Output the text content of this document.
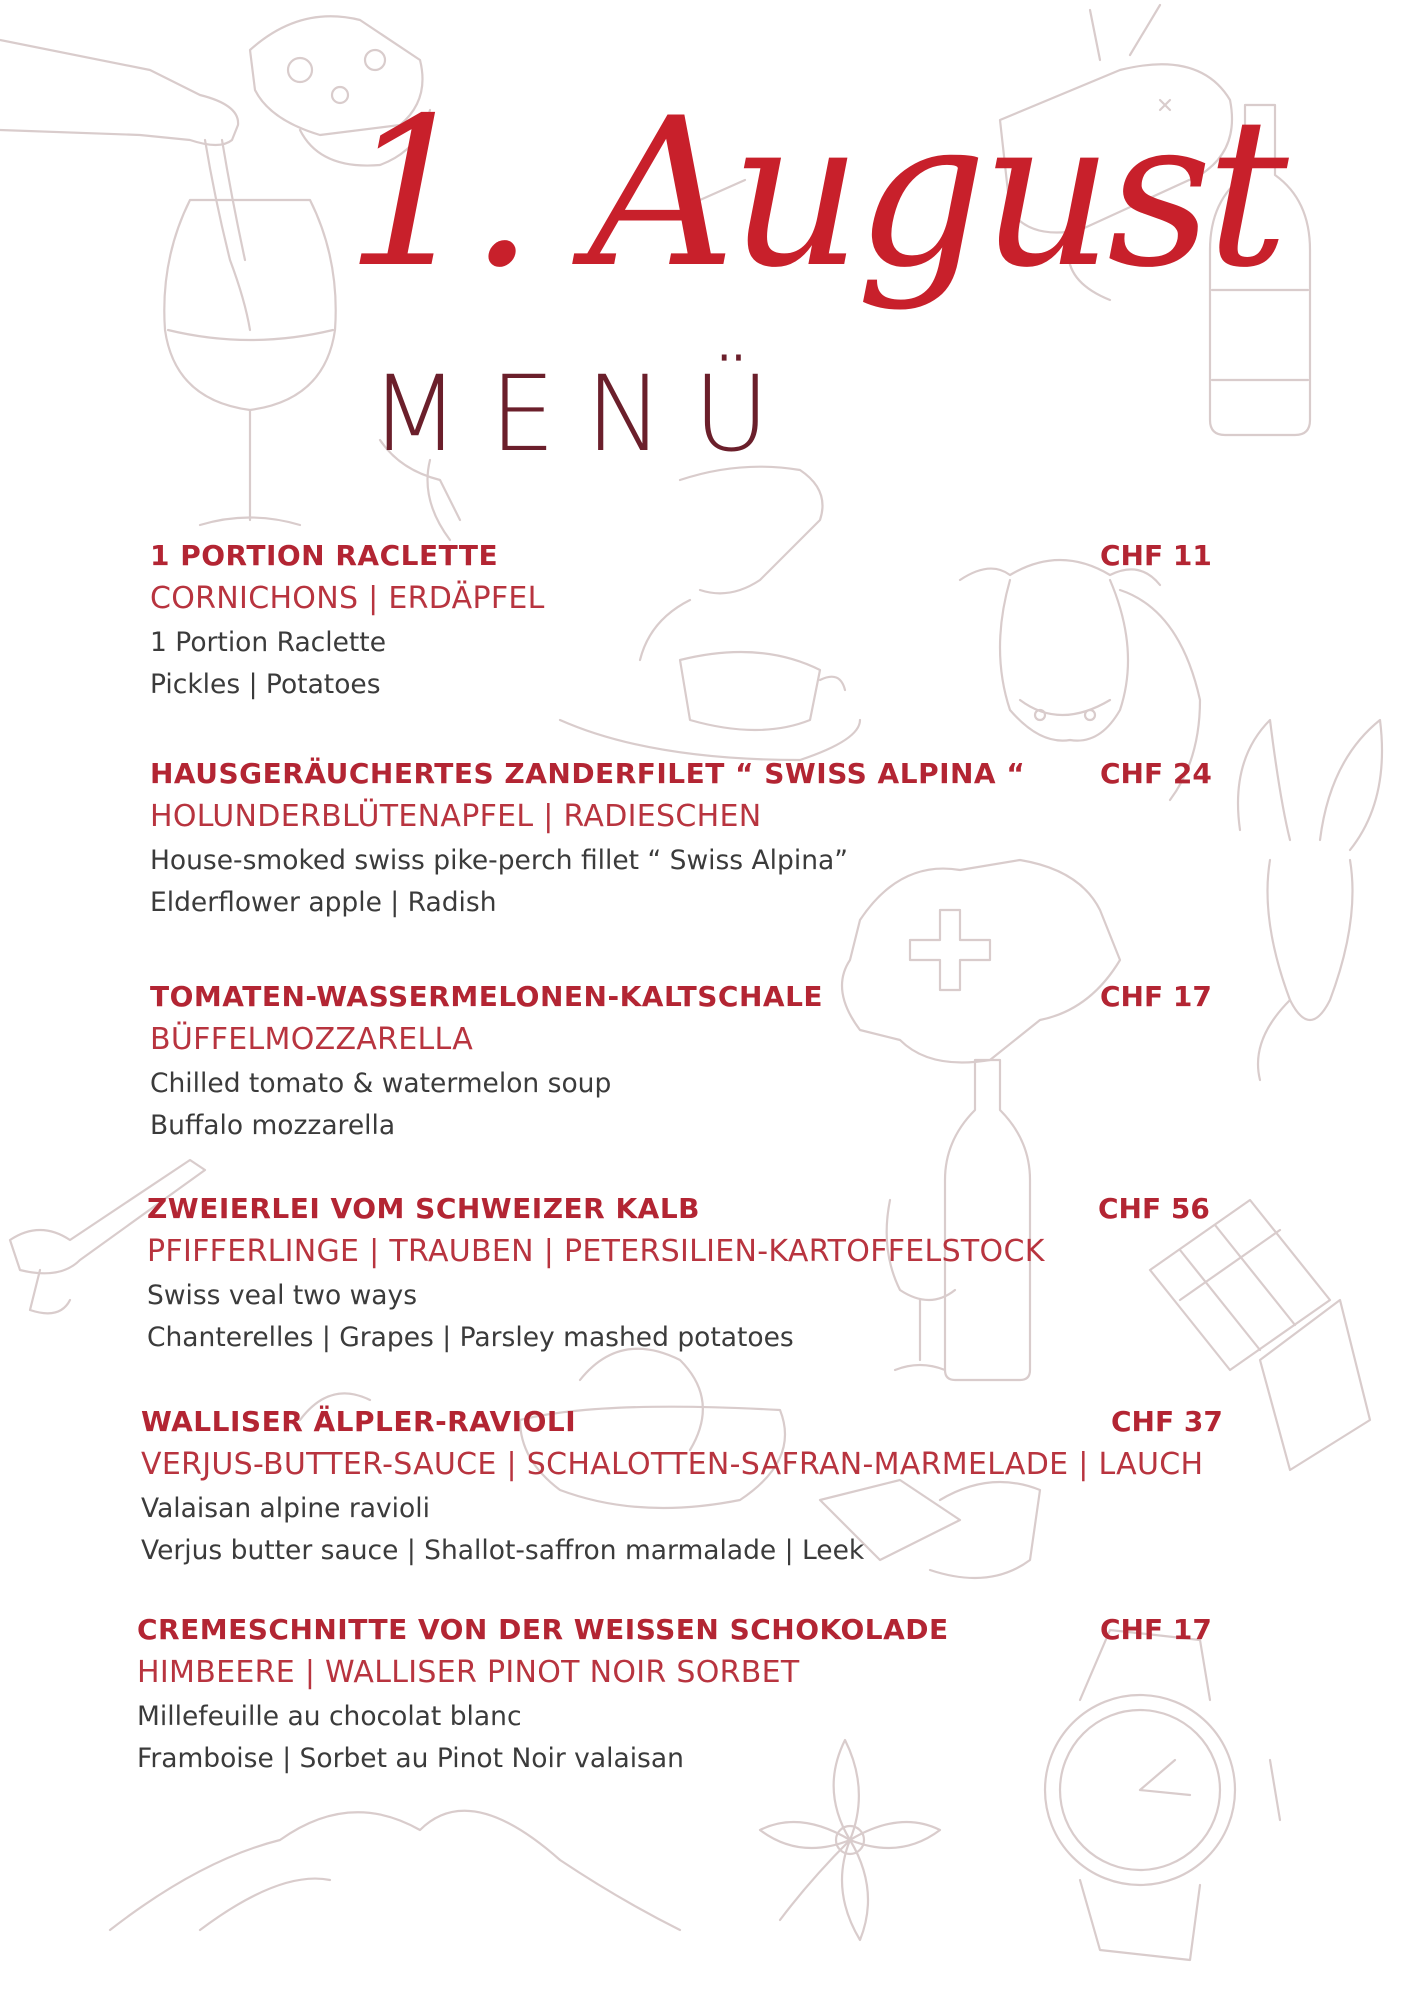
1. August
MENÜ
1 PORTION RACLETTE	CHF 11
CORNICHONS | ERDÄPFEL
1 Portion Raclette
Pickles | Potatoes
HAUSGERÄUCHERTES ZANDERFILET “ SWISS ALPINA “	CHF 24
HOLUNDERBLÜTENAPFEL | RADIESCHEN
House-smoked swiss pike-perch fillet “ Swiss Alpina”
Elderflower apple | Radish
TOMATEN-WASSERMELONEN-KALTSCHALE	CHF 17
BÜFFELMOZZARELLA
Chilled tomato & watermelon soup
Buffalo mozzarella
ZWEIERLEI VOM SCHWEIZER KALB	CHF 56
PFIFFERLINGE | TRAUBEN | PETERSILIEN-KARTOFFELSTOCK
Swiss veal two ways
Chanterelles | Grapes | Parsley mashed potatoes
WALLISER ÄLPLER-RAVIOLI	CHF 37
VERJUS-BUTTER-SAUCE | SCHALOTTEN-SAFRAN-MARMELADE | LAUCH
Valaisan alpine ravioli
Verjus butter sauce | Shallot-saffron marmalade | Leek
CREMESCHNITTE VON DER WEISSEN SCHOKOLADE	CHF 17
HIMBEERE | WALLISER PINOT NOIR SORBET
Millefeuille au chocolat blanc
Framboise | Sorbet au Pinot Noir valaisan
